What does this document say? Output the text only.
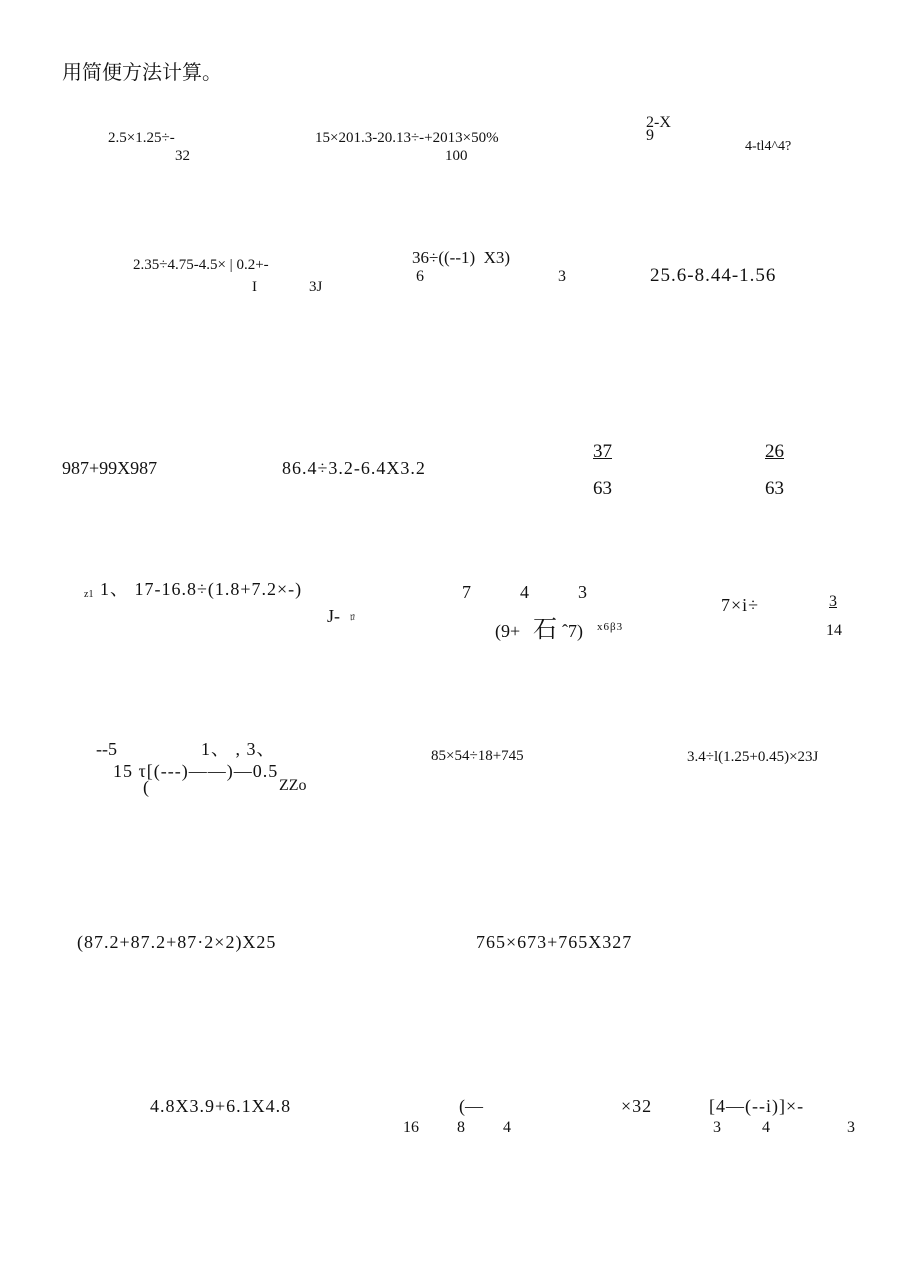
用简便方法计算。
2.5×1.25÷-
32
15×201.3-20.13÷-+2013×50%
100
2-X
9
4-tl4^4?
2.35÷4.75-4.5× | 0.2+-
I	3J
36÷((--1)  X3)
6	3	25.6-8.44-1.56
987+99X987	86.4÷3.2-6.4X3.2
37
63
26
63
z1 1、 17-16.8÷(1.8+7.2×-)
J- ﾛ
7	4	3
(9+ 石 ˆ7) x6β3
7×i÷	3
14
--5	1、 , 3、
15 τ[(---)——)—0.5
(	ZZo
85×54÷18+745	3.4÷l(1.25+0.45)×23J
(87.2+87.2+87·2×2)X25	765×673+765X327
4.8X3.9+6.1X4.8	(—	×32
16 8 4
[4—(--i)]×-
3	4	3
